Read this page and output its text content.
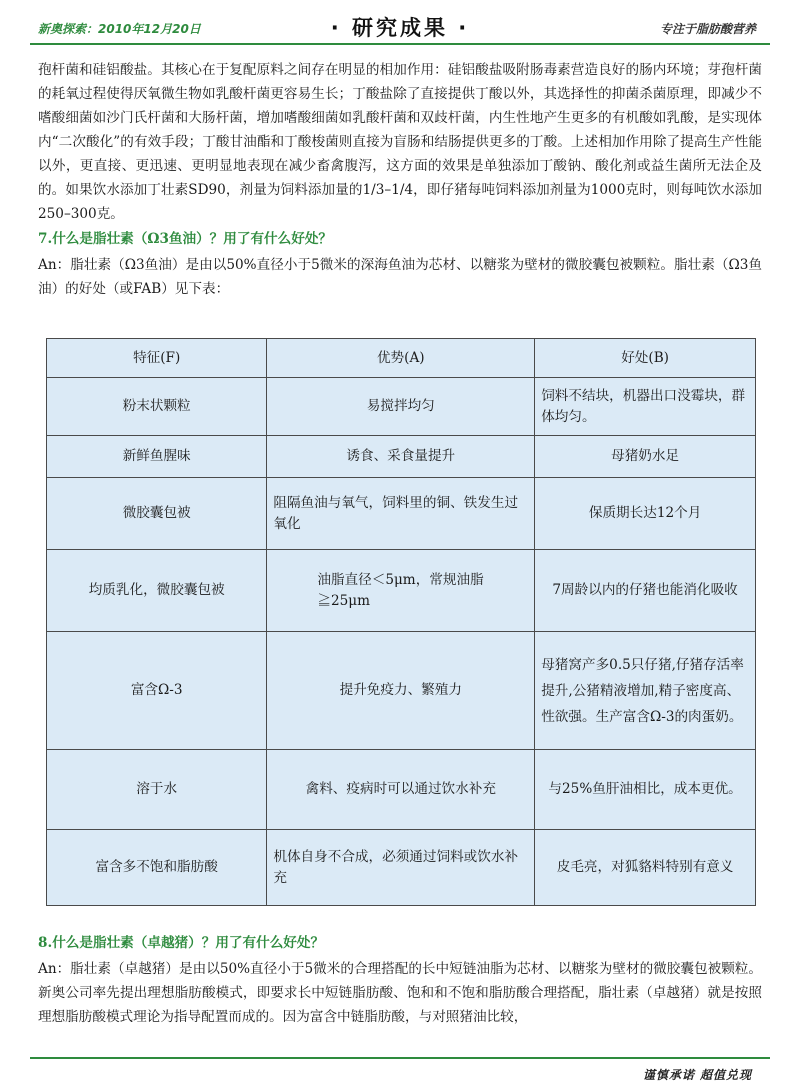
新奥探索：2010年12月20日	· 研究成果 ·	专注于脂肪酸营养

孢杆菌和硅铝酸盐。其核心在于复配原料之间存在明显的相加作用：硅铝酸盐吸附肠毒素营造良好的肠内环境；芽孢杆菌的耗氧过程使得厌氧微生物如乳酸杆菌更容易生长；丁酸盐除了直接提供丁酸以外，其选择性的抑菌杀菌原理，即减少不嗜酸细菌如沙门氏杆菌和大肠杆菌，增加嗜酸细菌如乳酸杆菌和双歧杆菌，内生性地产生更多的有机酸如乳酸，是实现体内“二次酸化”的有效手段；丁酸甘油酯和丁酸梭菌则直接为盲肠和结肠提供更多的丁酸。上述相加作用除了提高生产性能以外，更直接、更迅速、更明显地表现在减少畜禽腹泻，这方面的效果是单独添加丁酸钠、酸化剂或益生菌所无法企及的。如果饮水添加丁壮素SD90，剂量为饲料添加量的1/3–1/4，即仔猪每吨饲料添加剂量为1000克时，则每吨饮水添加250–300克。

7.什么是脂壮素（Ω3鱼油）？用了有什么好处？

An：脂壮素（Ω3鱼油）是由以50%直径小于5微米的深海鱼油为芯材、以糖浆为壁材的微胶囊包被颗粒。脂壮素（Ω3鱼油）的好处（或FAB）见下表：

特征(F)	优势(A)	好处(B)
粉末状颗粒	易搅拌均匀	饲料不结块，机器出口没霉块，群体均匀。
新鲜鱼腥味	诱食、采食量提升	母猪奶水足
微胶囊包被	阻隔鱼油与氧气，饲料里的铜、铁发生过氧化	保质期长达12个月
均质乳化，微胶囊包被	油脂直径＜5μm，常规油脂≧25μm	7周龄以内的仔猪也能消化吸收
富含Ω-3	提升免疫力、繁殖力	母猪窝产多0.5只仔猪,仔猪存活率提升,公猪精液增加,精子密度高、性欲强。生产富含Ω-3的肉蛋奶。
溶于水	禽料、疫病时可以通过饮水补充	与25%鱼肝油相比，成本更优。
富含多不饱和脂肪酸	机体自身不合成，必须通过饲料或饮水补充	皮毛亮，对狐貉料特别有意义

8.什么是脂壮素（卓越猪）？用了有什么好处？

An：脂壮素（卓越猪）是由以50%直径小于5微米的合理搭配的长中短链油脂为芯材、以糖浆为壁材的微胶囊包被颗粒。新奥公司率先提出理想脂肪酸模式，即要求长中短链脂肪酸、饱和和不饱和脂肪酸合理搭配，脂壮素（卓越猪）就是按照理想脂肪酸模式理论为指导配置而成的。因为富含中链脂肪酸，与对照猪油比较，

谨慎承诺 超值兑现
